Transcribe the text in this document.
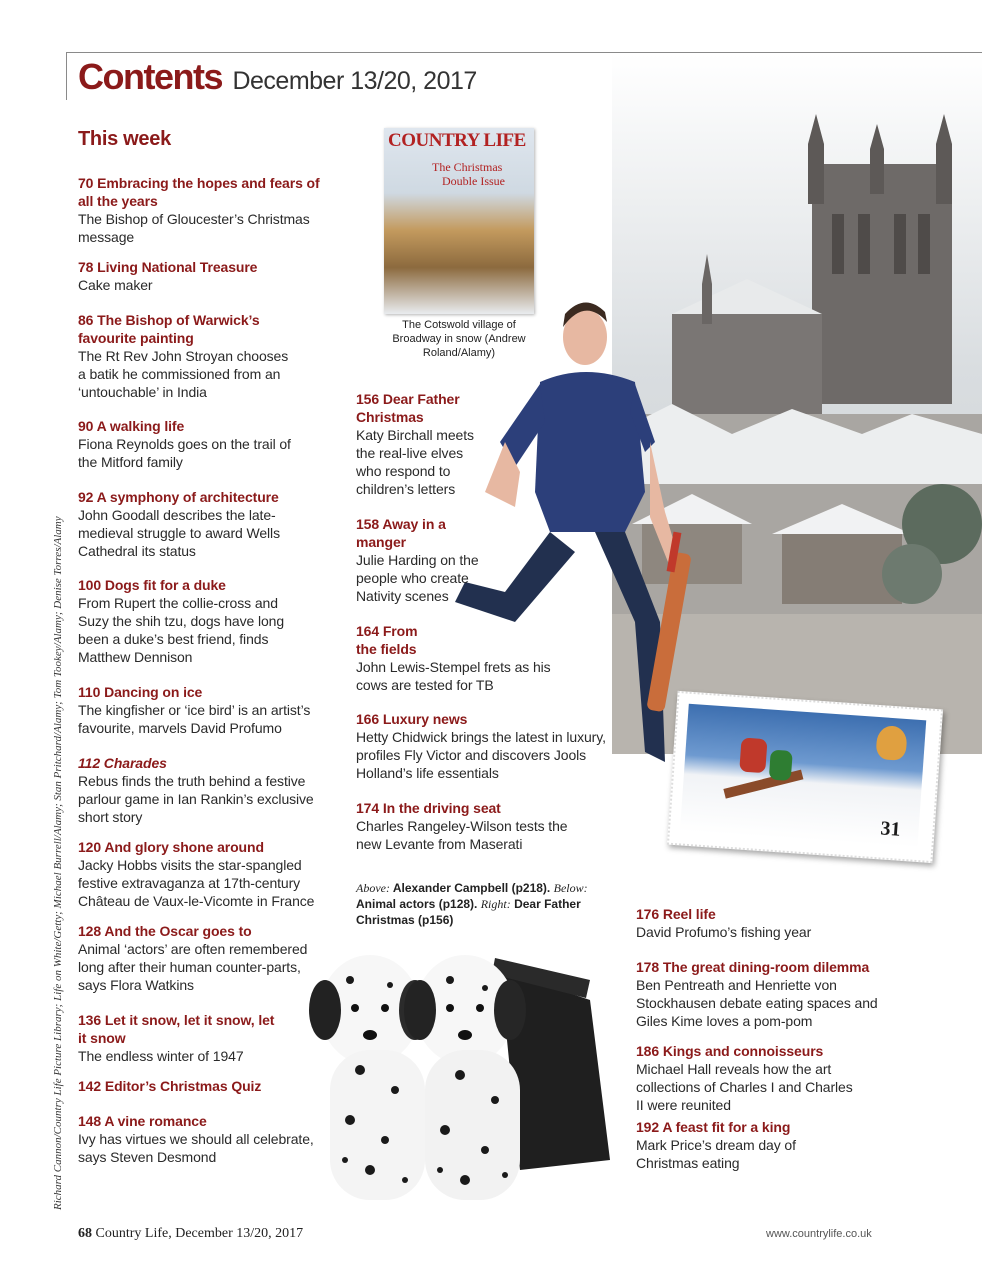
COUNTRY LIFE
The Christmas
Double Issue
31
Contents December 13/20, 2017
This week
Richard Cannon/Country Life Picture Library; Life on White/Getty; Michael Burrell/Alamy; Stan Pritchard/Alamy; Tom Tookey/Alamy; Denise Torres/Alamy
70 Embracing the hopes and fears of all the years
The Bishop of Gloucester’s Christmas message
78 Living National Treasure
Cake maker
86 The Bishop of Warwick’s favourite painting
The Rt Rev John Stroyan chooses a batik he commissioned from an ‘untouchable’ in India
90 A walking life
Fiona Reynolds goes on the trail of the Mitford family
92 A symphony of architecture
John Goodall describes the late-medieval struggle to award Wells Cathedral its status
100 Dogs fit for a duke
From Rupert the collie-cross and Suzy the shih tzu, dogs have long been a duke’s best friend, finds Matthew Dennison
110 Dancing on ice
The kingfisher or ‘ice bird’ is an artist’s favourite, marvels David Profumo
112 Charades
Rebus finds the truth behind a festive parlour game in Ian Rankin’s exclusive short story
120 And glory shone around
Jacky Hobbs visits the star-spangled festive extravaganza at 17th-century Château de Vaux-le-Vicomte in France
128 And the Oscar goes to
Animal ‘actors’ are often remembered long after their human counter-parts, says Flora Watkins
136 Let it snow, let it snow, let it snow
The endless winter of 1947
142 Editor’s Christmas Quiz
148 A vine romance
Ivy has virtues we should all celebrate, says Steven Desmond
The Cotswold village of Broadway in snow (Andrew Roland/Alamy)
156 Dear Father Christmas
Katy Birchall meets the real-live elves who respond to children’s letters
158 Away in a manger
Julie Harding on the people who create Nativity scenes
164 From the fields
John Lewis-Stempel frets as his cows are tested for TB
166 Luxury news
Hetty Chidwick brings the latest in luxury, profiles Fly Victor and discovers Jools Holland’s life essentials
174 In the driving seat
Charles Rangeley-Wilson tests the new Levante from Maserati
Above: Alexander Campbell (p218). Below: Animal actors (p128). Right: Dear Father Christmas (p156)	176 Reel life
David Profumo’s fishing year
178 The great dining-room dilemma
Ben Pentreath and Henriette von Stockhausen debate eating spaces and Giles Kime loves a pom-pom
186 Kings and connoisseurs
Michael Hall reveals how the art collections of Charles I and Charles II were reunited
192 A feast fit for a king
Mark Price’s dream day of Christmas eating
68 Country Life, December 13/20, 2017	www.countrylife.co.uk
